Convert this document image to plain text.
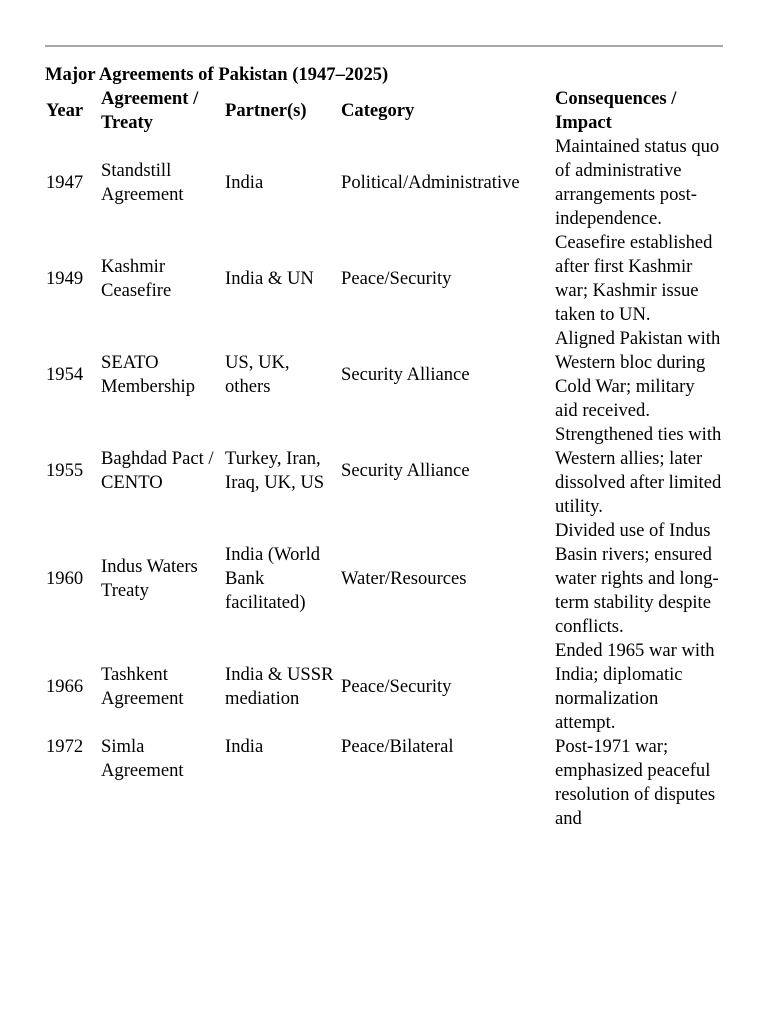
Major Agreements of Pakistan (1947–2025)
Year	Agreement / Treaty	Partner(s)	Category	Consequences / Impact
1947	Standstill Agreement	India	Political/Administrative	Maintained status quo of administrative arrangements post-independence.
1949	Kashmir Ceasefire	India & UN	Peace/Security	Ceasefire established after first Kashmir war; Kashmir issue taken to UN.
1954	SEATO Membership	US, UK, others	Security Alliance	Aligned Pakistan with Western bloc during Cold War; military aid received.
1955	Baghdad Pact / CENTO	Turkey, Iran, Iraq, UK, US	Security Alliance	Strengthened ties with Western allies; later dissolved after limited utility.
1960	Indus Waters Treaty	India (World Bank facilitated)	Water/Resources	Divided use of Indus Basin rivers; ensured water rights and long-term stability despite conflicts.
1966	Tashkent Agreement	India & USSR mediation	Peace/Security	Ended 1965 war with India; diplomatic normalization attempt.
1972	Simla Agreement	India	Peace/Bilateral	Post-1971 war; emphasized peaceful resolution of disputes and
